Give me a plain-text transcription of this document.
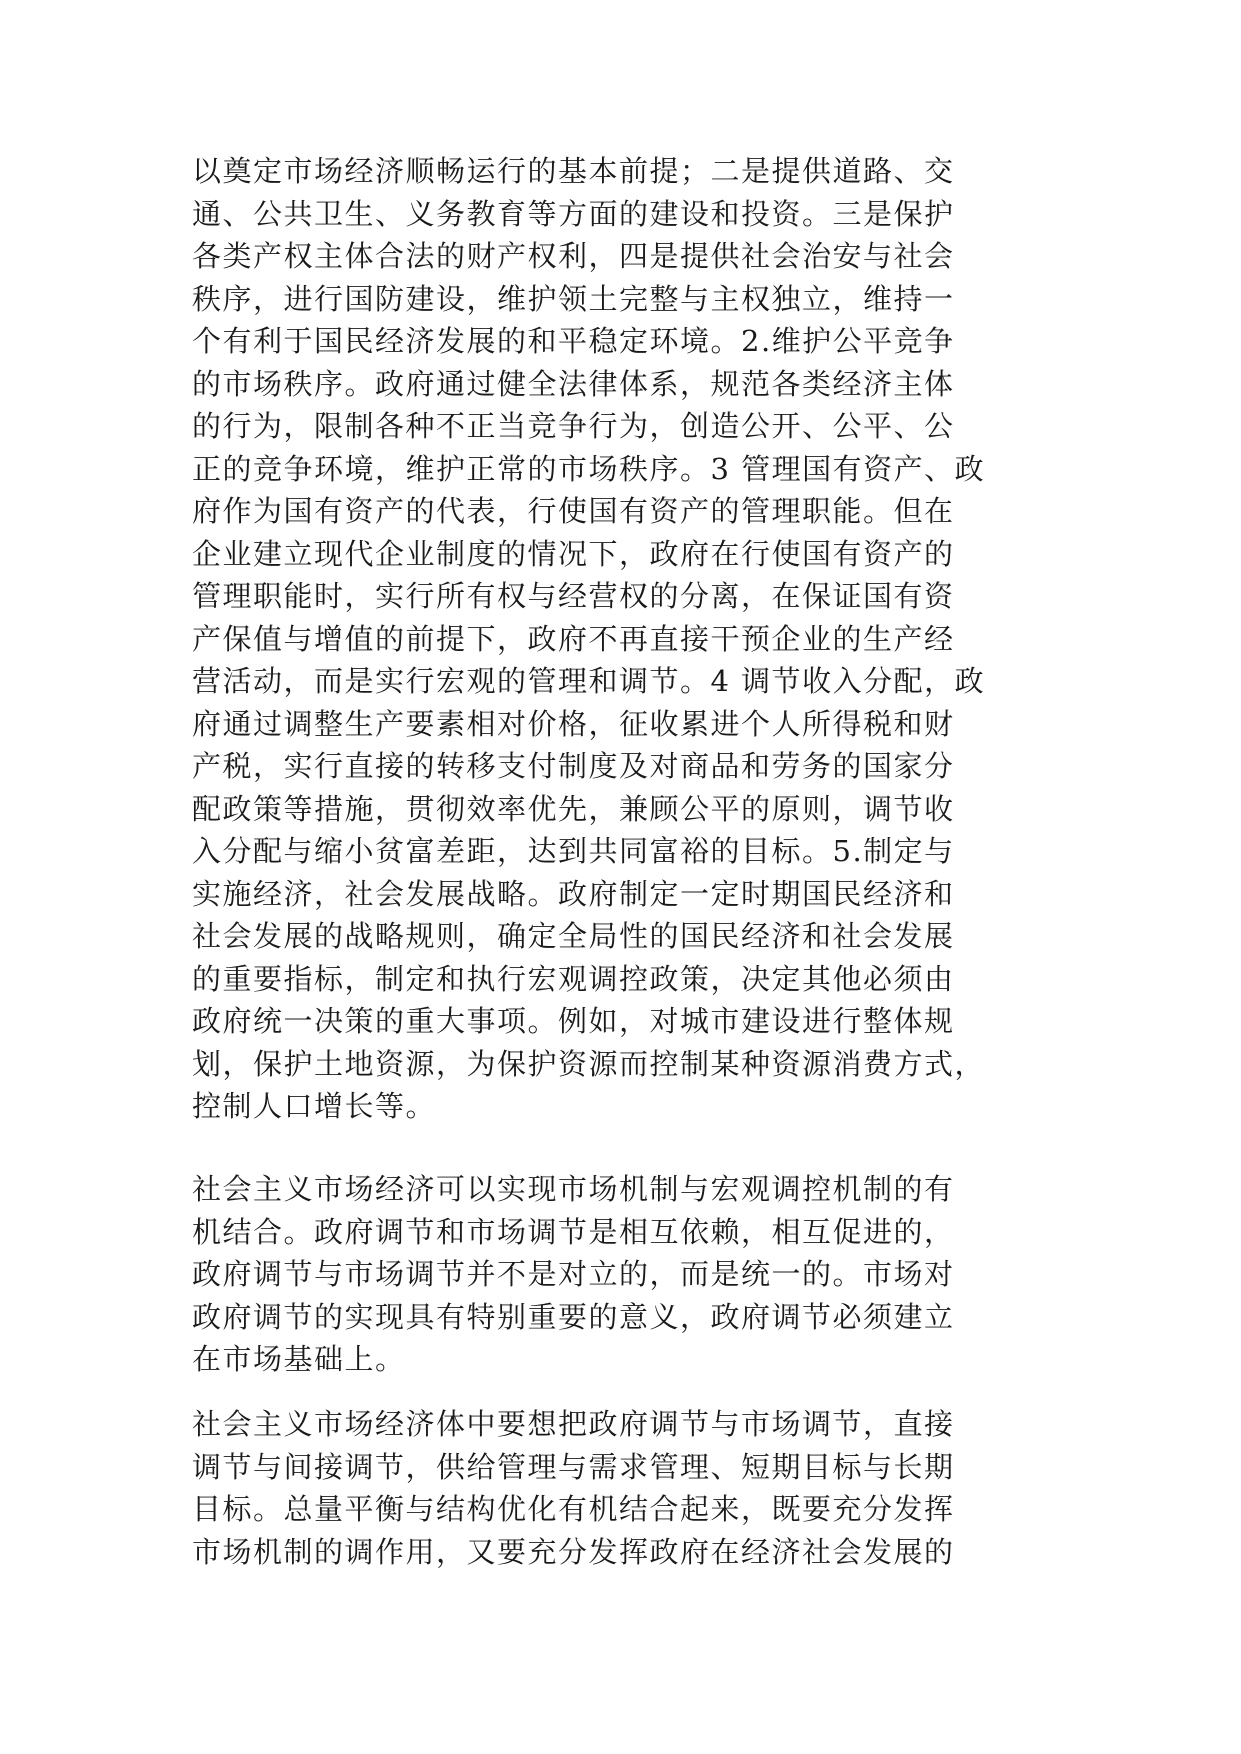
以奠定市场经济顺畅运行的基本前提；二是提供道路、交
通、公共卫生、义务教育等方面的建设和投资。三是保护
各类产权主体合法的财产权利，四是提供社会治安与社会
秩序，进行国防建设，维护领土完整与主权独立，维持一
个有利于国民经济发展的和平稳定环境。2.维护公平竞争
的市场秩序。政府通过健全法律体系，规范各类经济主体
的行为，限制各种不正当竞争行为，创造公开、公平、公
正的竞争环境，维护正常的市场秩序。3 管理国有资产、政
府作为国有资产的代表，行使国有资产的管理职能。但在
企业建立现代企业制度的情况下，政府在行使国有资产的
管理职能时，实行所有权与经营权的分离，在保证国有资
产保值与增值的前提下，政府不再直接干预企业的生产经
营活动，而是实行宏观的管理和调节。4 调节收入分配，政
府通过调整生产要素相对价格，征收累进个人所得税和财
产税，实行直接的转移支付制度及对商品和劳务的国家分
配政策等措施，贯彻效率优先，兼顾公平的原则，调节收
入分配与缩小贫富差距，达到共同富裕的目标。5.制定与
实施经济，社会发展战略。政府制定一定时期国民经济和
社会发展的战略规则，确定全局性的国民经济和社会发展
的重要指标，制定和执行宏观调控政策，决定其他必须由
政府统一决策的重大事项。例如，对城市建设进行整体规
划，保护土地资源，为保护资源而控制某种资源消费方式，
控制人口增长等。
社会主义市场经济可以实现市场机制与宏观调控机制的有
机结合。政府调节和市场调节是相互依赖，相互促进的，
政府调节与市场调节并不是对立的，而是统一的。市场对
政府调节的实现具有特别重要的意义，政府调节必须建立
在市场基础上。
社会主义市场经济体中要想把政府调节与市场调节，直接
调节与间接调节，供给管理与需求管理、短期目标与长期
目标。总量平衡与结构优化有机结合起来，既要充分发挥
市场机制的调作用，又要充分发挥政府在经济社会发展的
